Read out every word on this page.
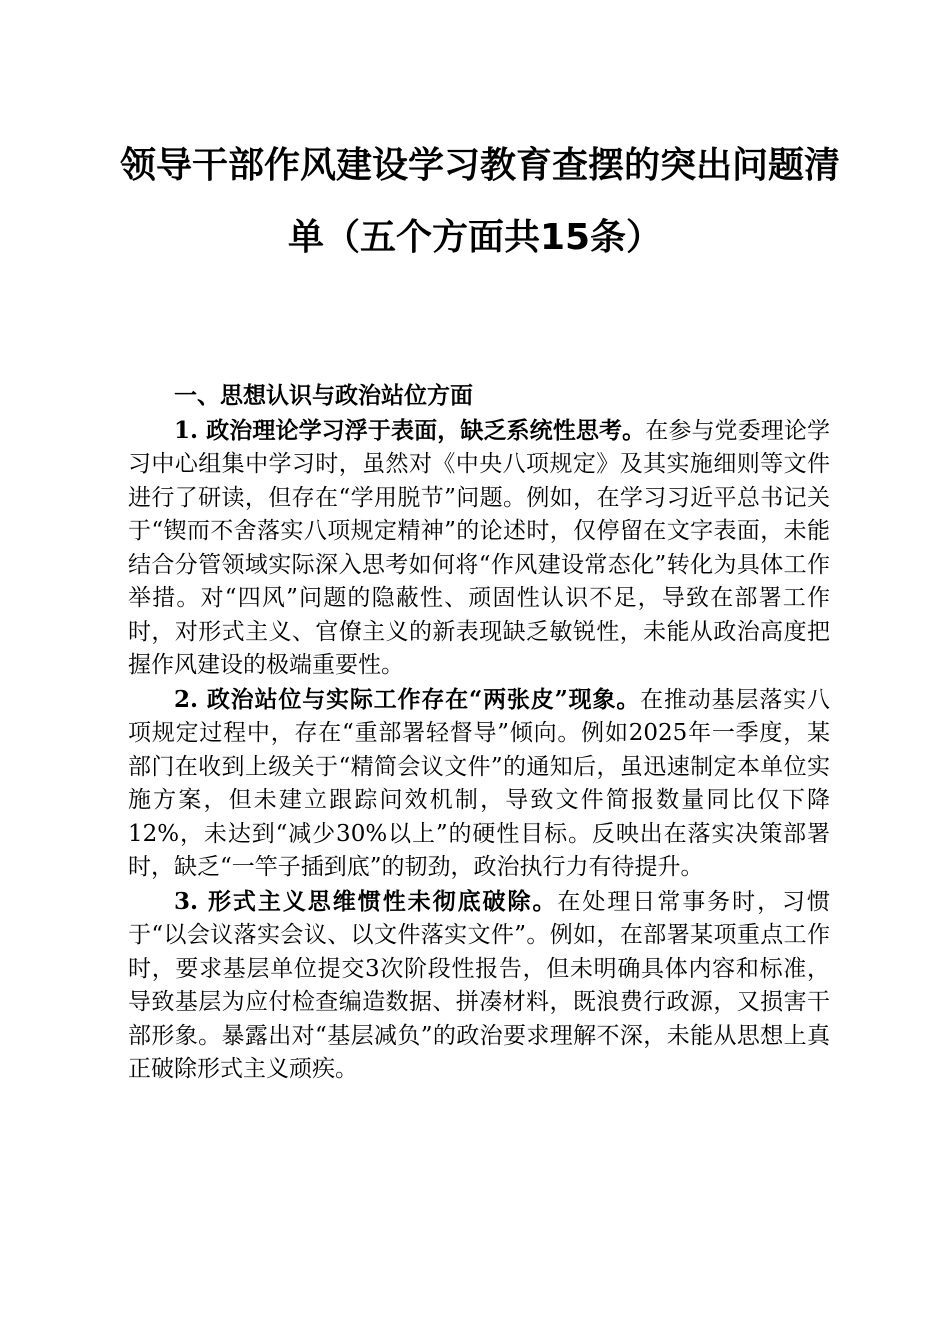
领导干部作风建设学习教育查摆的突出问题清
单（五个方面共15条）

一、思想认识与政治站位方面

1. 政治理论学习浮于表面，缺乏系统性思考。在参与党委理论学习中心组集中学习时，虽然对《中央八项规定》及其实施细则等文件进行了研读，但存在“学用脱节”问题。例如，在学习习近平总书记关于“锲而不舍落实八项规定精神”的论述时，仅停留在文字表面，未能结合分管领域实际深入思考如何将“作风建设常态化”转化为具体工作举措。对“四风”问题的隐蔽性、顽固性认识不足，导致在部署工作时，对形式主义、官僚主义的新表现缺乏敏锐性，未能从政治高度把握作风建设的极端重要性。

2. 政治站位与实际工作存在“两张皮”现象。在推动基层落实八项规定过程中，存在“重部署轻督导”倾向。例如2025年一季度，某部门在收到上级关于“精简会议文件”的通知后，虽迅速制定本单位实施方案，但未建立跟踪问效机制，导致文件简报数量同比仅下降12%，未达到“减少30%以上”的硬性目标。反映出在落实决策部署时，缺乏“一竿子插到底”的韧劲，政治执行力有待提升。

3. 形式主义思维惯性未彻底破除。在处理日常事务时，习惯于“以会议落实会议、以文件落实文件”。例如，在部署某项重点工作时，要求基层单位提交3次阶段性报告，但未明确具体内容和标准，导致基层为应付检查编造数据、拼凑材料，既浪费行政源，又损害干部形象。暴露出对“基层减负”的政治要求理解不深，未能从思想上真正破除形式主义顽疾。
